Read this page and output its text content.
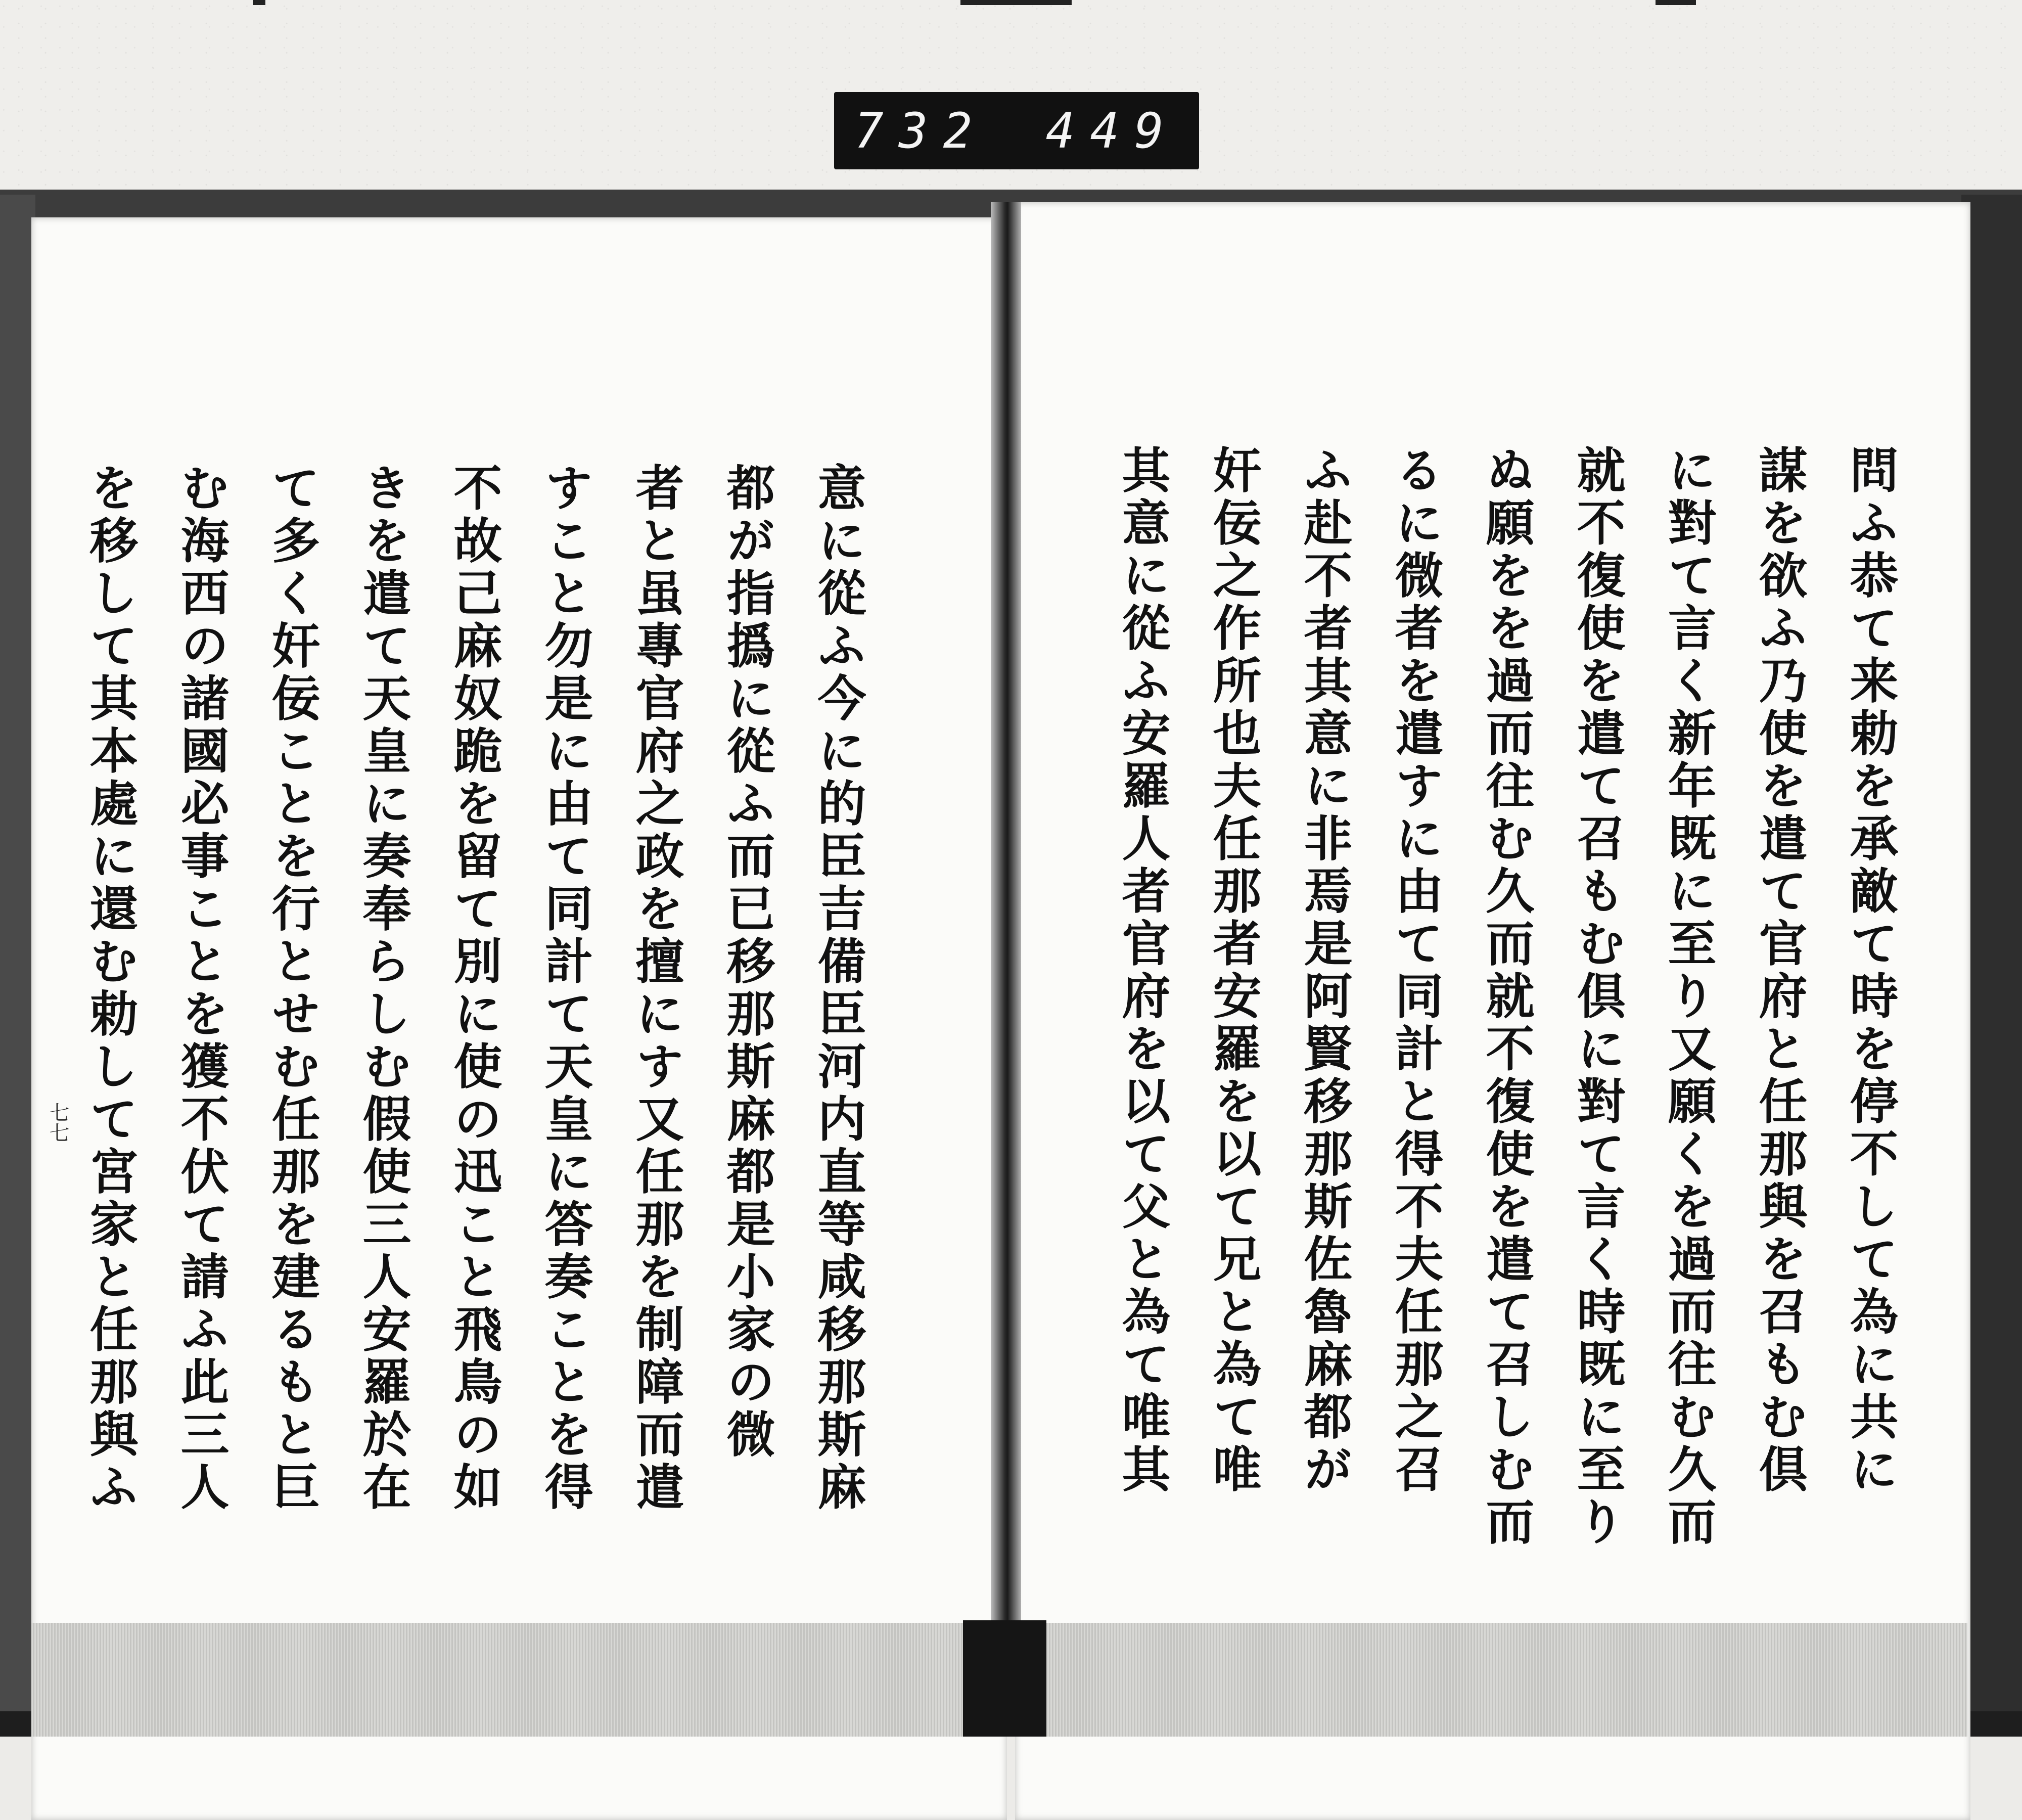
732 449
七七	意に從ふ今に的臣吉備臣河内直等咸移那斯麻
都が指撝に從ふ而已移那斯麻都是小家の微
者と虽專官府之政を擅にす又任那を制障而遣
すこと勿是に由て同計て天皇に答奏ことを得
不故己麻奴跪を留て別に使の迅こと飛鳥の如
きを遣て天皇に奏奉らしむ假使三人安羅於在
て多く奸佞ことを行とせむ任那を建るもと巨
む海西の諸國必事ことを獲不伏て請ふ此三人
を移して其本處に還む勅して宮家と任那與ふ	問ふ恭て来勅を承敵て時を停不して為に共に
謀を欲ふ乃使を遣て官府と任那與を召もむ倶
に對て言く新年既に至り又願くを過而往む久而
就不復使を遣て召もむ倶に對て言く時既に至り
ぬ願をを過而往む久而就不復使を遣て召しむ而
るに微者を遣すに由て同計と得不夫任那之召
ふ赴不者其意に非焉是阿賢移那斯佐魯麻都が
奸佞之作所也夫任那者安羅を以て兄と為て唯
其意に從ふ安羅人者官府を以て父と為て唯其
